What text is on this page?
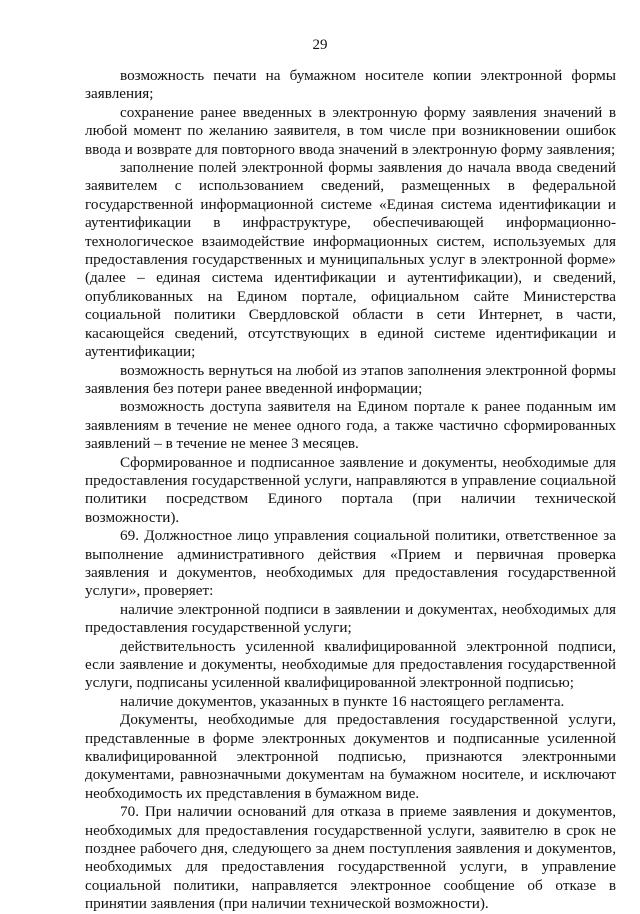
29

возможность печати на бумажном носителе копии электронной формы заявления;

сохранение ранее введенных в электронную форму заявления значений в любой момент по желанию заявителя, в том числе при возникновении ошибок ввода и возврате для повторного ввода значений в электронную форму заявления;

заполнение полей электронной формы заявления до начала ввода сведений заявителем с использованием сведений, размещенных в федеральной государственной информационной системе «Единая система идентификации и аутентификации в инфраструктуре, обеспечивающей информационно-технологическое взаимодействие информационных систем, используемых для предоставления государственных и муниципальных услуг в электронной форме» (далее – единая система идентификации и аутентификации), и сведений, опубликованных на Едином портале, официальном сайте Министерства социальной политики Свердловской области в сети Интернет, в части, касающейся сведений, отсутствующих в единой системе идентификации и аутентификации;

возможность вернуться на любой из этапов заполнения электронной формы заявления без потери ранее введенной информации;

возможность доступа заявителя на Едином портале к ранее поданным им заявлениям в течение не менее одного года, а также частично сформированных заявлений – в течение не менее 3 месяцев.

Сформированное и подписанное заявление и документы, необходимые для предоставления государственной услуги, направляются в управление социальной политики посредством Единого портала (при наличии технической возможности).

69. Должностное лицо управления социальной политики, ответственное за выполнение административного действия «Прием и первичная проверка заявления и документов, необходимых для предоставления государственной услуги», проверяет:

наличие электронной подписи в заявлении и документах, необходимых для предоставления государственной услуги;

действительность усиленной квалифицированной электронной подписи, если заявление и документы, необходимые для предоставления государственной услуги, подписаны усиленной квалифицированной электронной подписью;

наличие документов, указанных в пункте 16 настоящего регламента.

Документы, необходимые для предоставления государственной услуги, представленные в форме электронных документов и подписанные усиленной квалифицированной электронной подписью, признаются электронными документами, равнозначными документам на бумажном носителе, и исключают необходимость их представления в бумажном виде.

70. При наличии оснований для отказа в приеме заявления и документов, необходимых для предоставления государственной услуги, заявителю в срок не позднее рабочего дня, следующего за днем поступления заявления и документов, необходимых для предоставления государственной услуги, в управление социальной политики, направляется электронное сообщение об отказе в принятии заявления (при наличии технической возможности).
